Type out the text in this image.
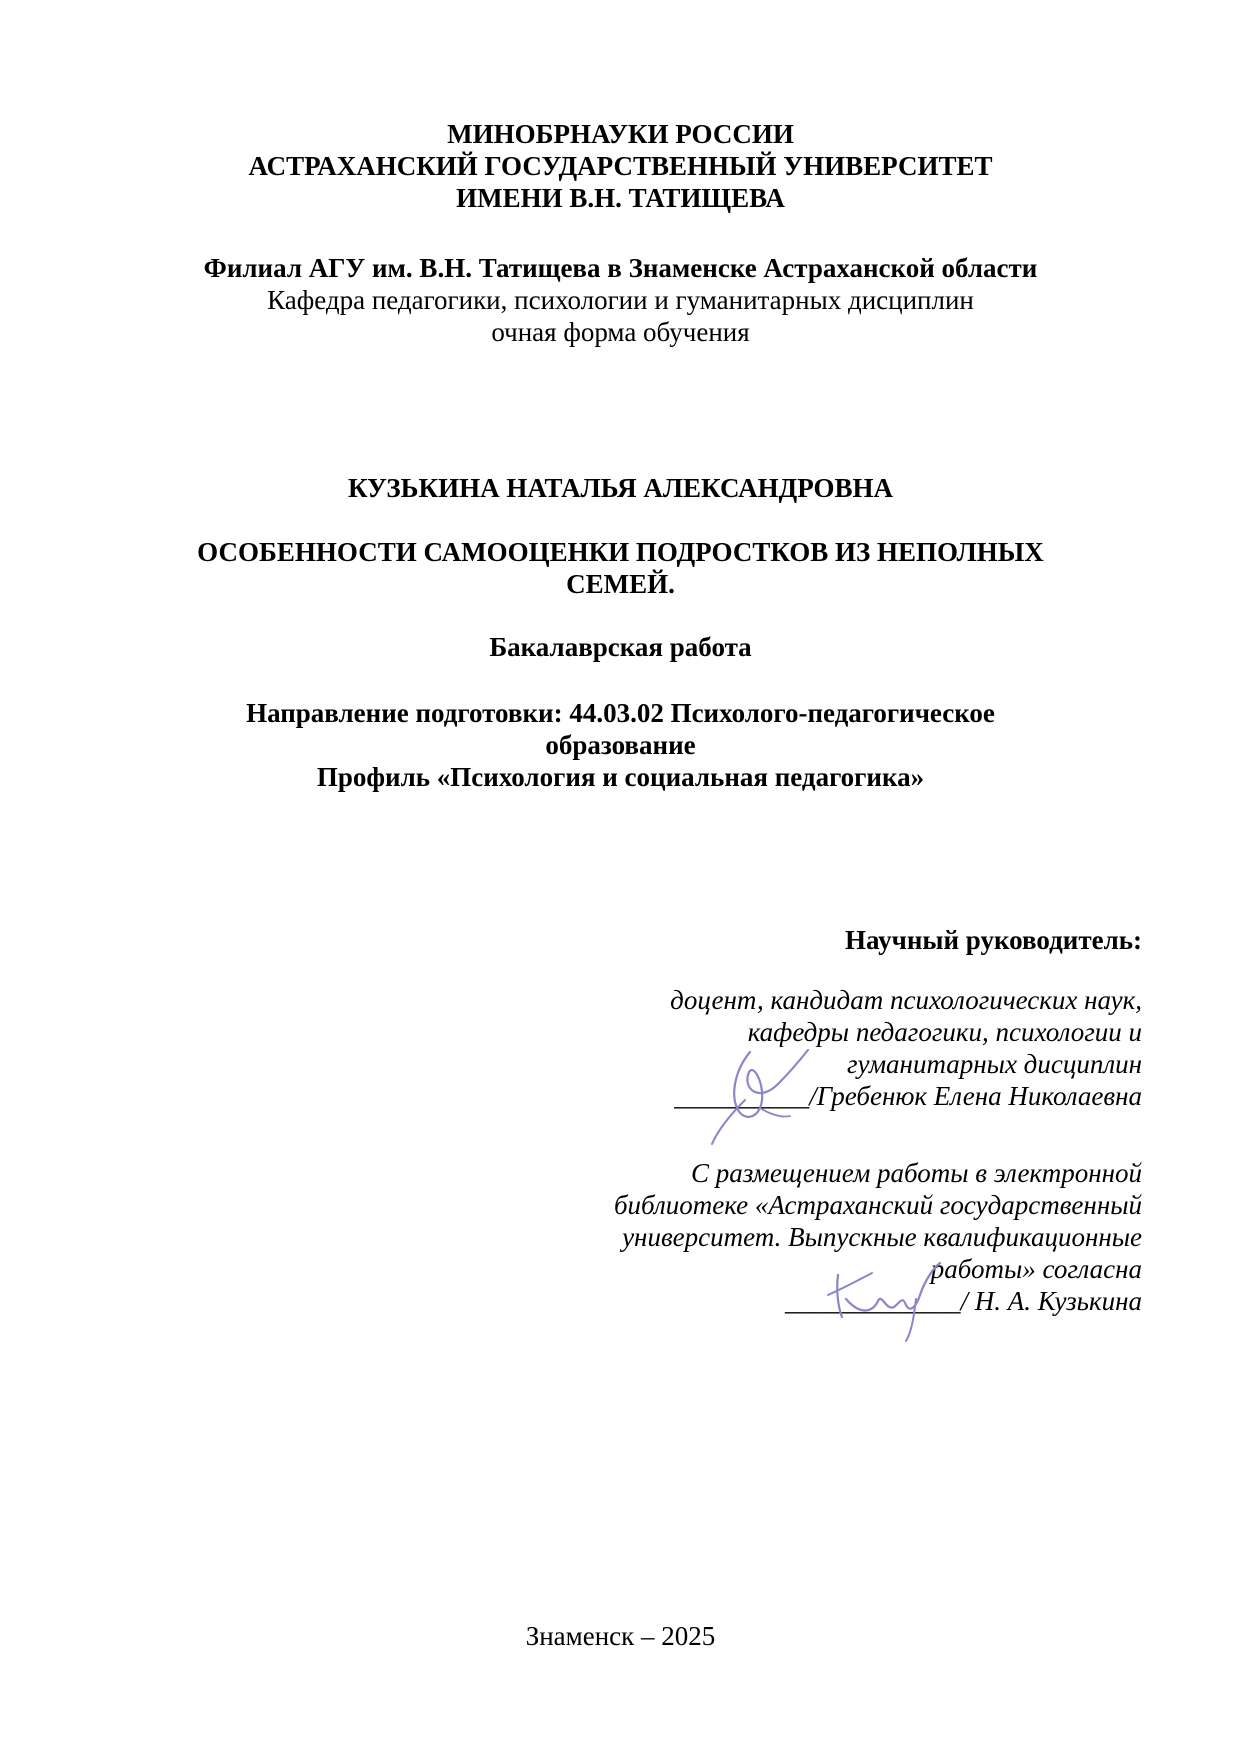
МИНОБРНАУКИ РОССИИ
АСТРАХАНСКИЙ ГОСУДАРСТВЕННЫЙ УНИВЕРСИТЕТ
ИМЕНИ В.Н. ТАТИЩЕВА
Филиал АГУ им. В.Н. Татищева в Знаменске Астраханской области
Кафедра педагогики, психологии и гуманитарных дисциплин
очная форма обучения
КУЗЬКИНА НАТАЛЬЯ АЛЕКСАНДРОВНА
ОСОБЕННОСТИ САМООЦЕНКИ ПОДРОСТКОВ ИЗ НЕПОЛНЫХ
СЕМЕЙ.
Бакалаврская работа
Направление подготовки: 44.03.02 Психолого-педагогическое
образование
Профиль «Психология и социальная педагогика»
Научный руководитель:
доцент, кандидат психологических наук,
кафедры педагогики, психологии и
гуманитарных дисциплин
__________/Гребенюк Елена Николаевна
С размещением работы в электронной
библиотеке «Астраханский государственный
университет. Выпускные квалификационные
работы» согласна
_____________/ Н. А. Кузькина
Знаменск – 2025
